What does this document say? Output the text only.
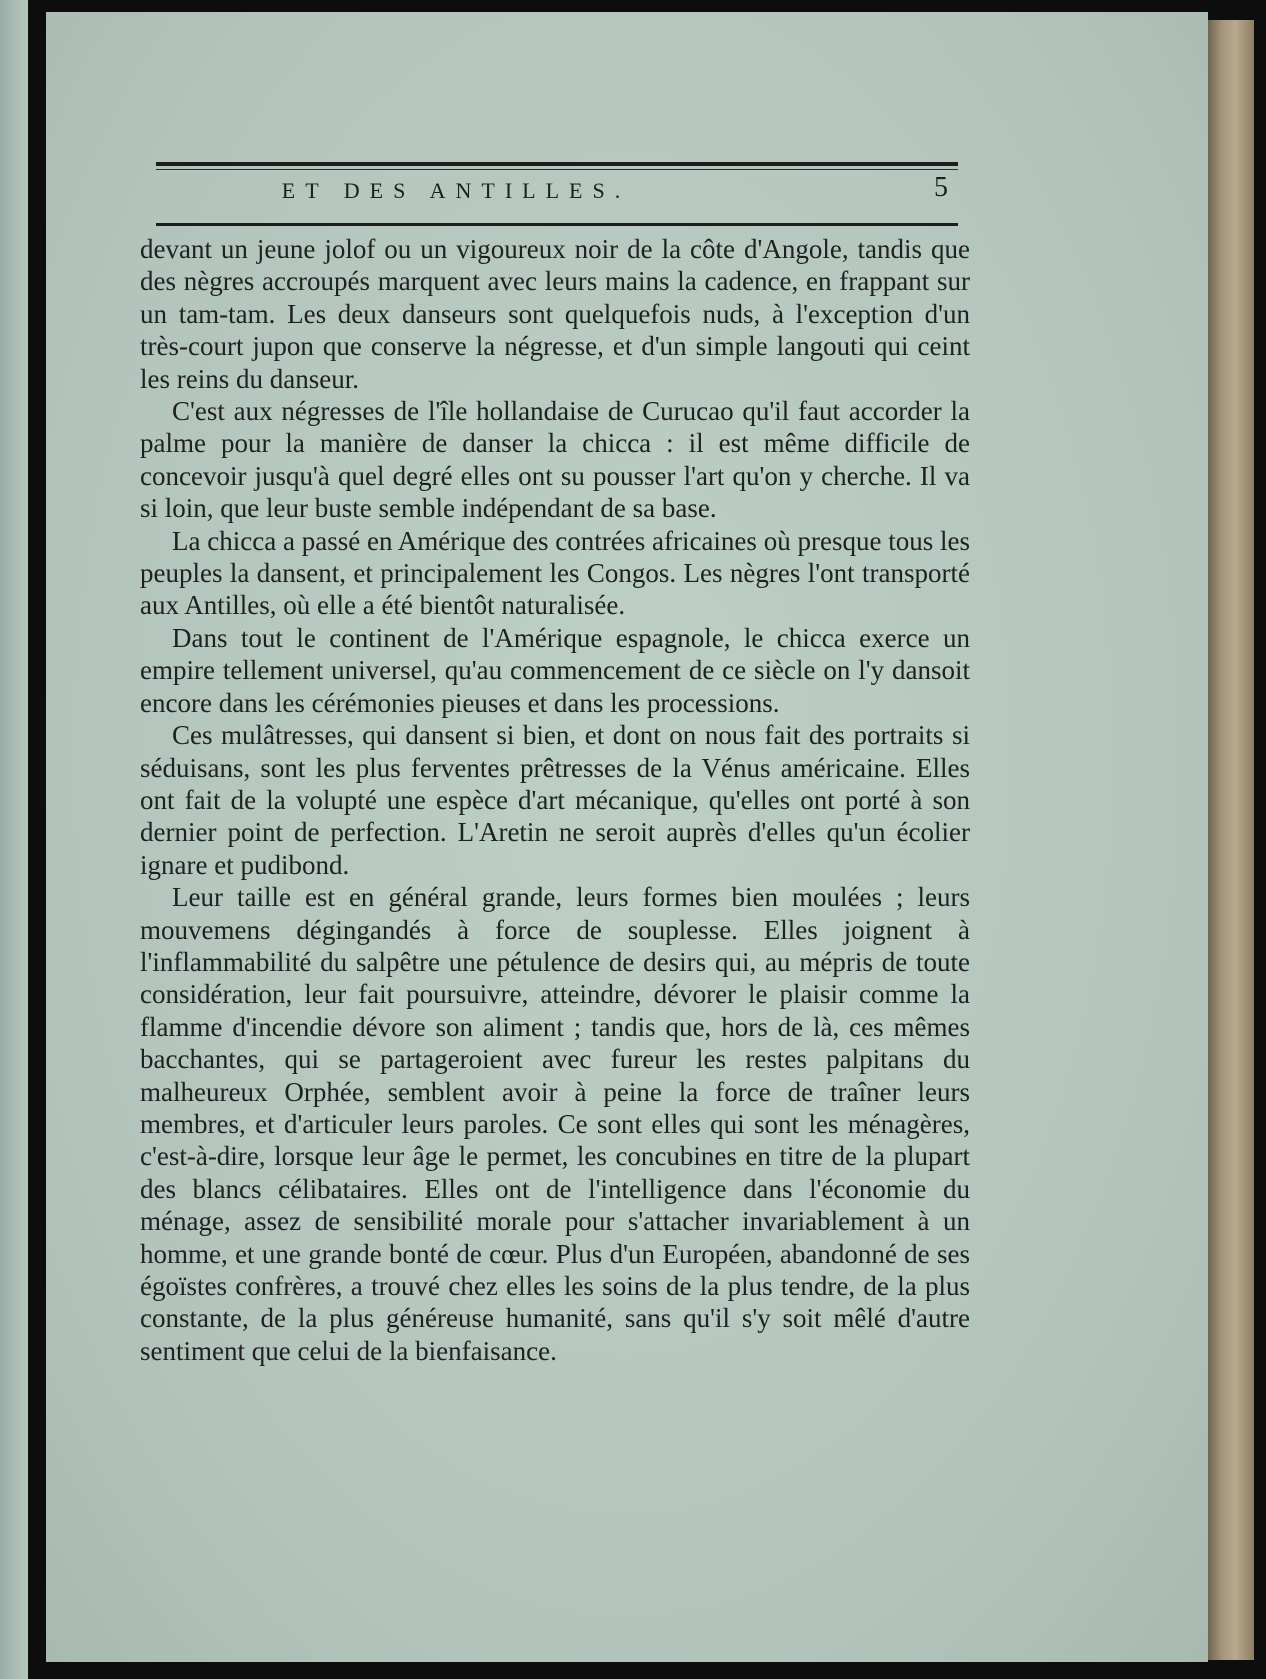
ET DES ANTILLES.	5

devant un jeune jolof ou un vigoureux noir de la côte d'Angole, tandis que des nègres accroupés marquent avec leurs mains la cadence, en frappant sur un tam-tam. Les deux danseurs sont quelquefois nuds, à l'exception d'un très-court jupon que conserve la négresse, et d'un simple langouti qui ceint les reins du danseur.

C'est aux négresses de l'île hollandaise de Curucao qu'il faut accorder la palme pour la manière de danser la chicca : il est même difficile de concevoir jusqu'à quel degré elles ont su pousser l'art qu'on y cherche. Il va si loin, que leur buste semble indépendant de sa base.

La chicca a passé en Amérique des contrées africaines où presque tous les peuples la dansent, et principalement les Congos. Les nègres l'ont transporté aux Antilles, où elle a été bientôt naturalisée.

Dans tout le continent de l'Amérique espagnole, le chicca exerce un empire tellement universel, qu'au commencement de ce siècle on l'y dansoit encore dans les cérémonies pieuses et dans les processions.

Ces mulâtresses, qui dansent si bien, et dont on nous fait des portraits si séduisans, sont les plus ferventes prêtresses de la Vénus américaine. Elles ont fait de la volupté une espèce d'art mécanique, qu'elles ont porté à son dernier point de perfection. L'Aretin ne seroit auprès d'elles qu'un écolier ignare et pudibond.

Leur taille est en général grande, leurs formes bien moulées ; leurs mouvemens dégingandés à force de souplesse. Elles joignent à l'inflammabilité du salpêtre une pétulence de desirs qui, au mépris de toute considération, leur fait poursuivre, atteindre, dévorer le plaisir comme la flamme d'incendie dévore son aliment ; tandis que, hors de là, ces mêmes bacchantes, qui se partageroient avec fureur les restes palpitans du malheureux Orphée, semblent avoir à peine la force de traîner leurs membres, et d'articuler leurs paroles. Ce sont elles qui sont les ménagères, c'est-à-dire, lorsque leur âge le permet, les concubines en titre de la plupart des blancs célibataires. Elles ont de l'intelligence dans l'économie du ménage, assez de sensibilité morale pour s'attacher invariablement à un homme, et une grande bonté de cœur. Plus d'un Européen, abandonné de ses égoïstes confrères, a trouvé chez elles les soins de la plus tendre, de la plus constante, de la plus généreuse humanité, sans qu'il s'y soit mêlé d'autre sentiment que celui de la bienfaisance.
